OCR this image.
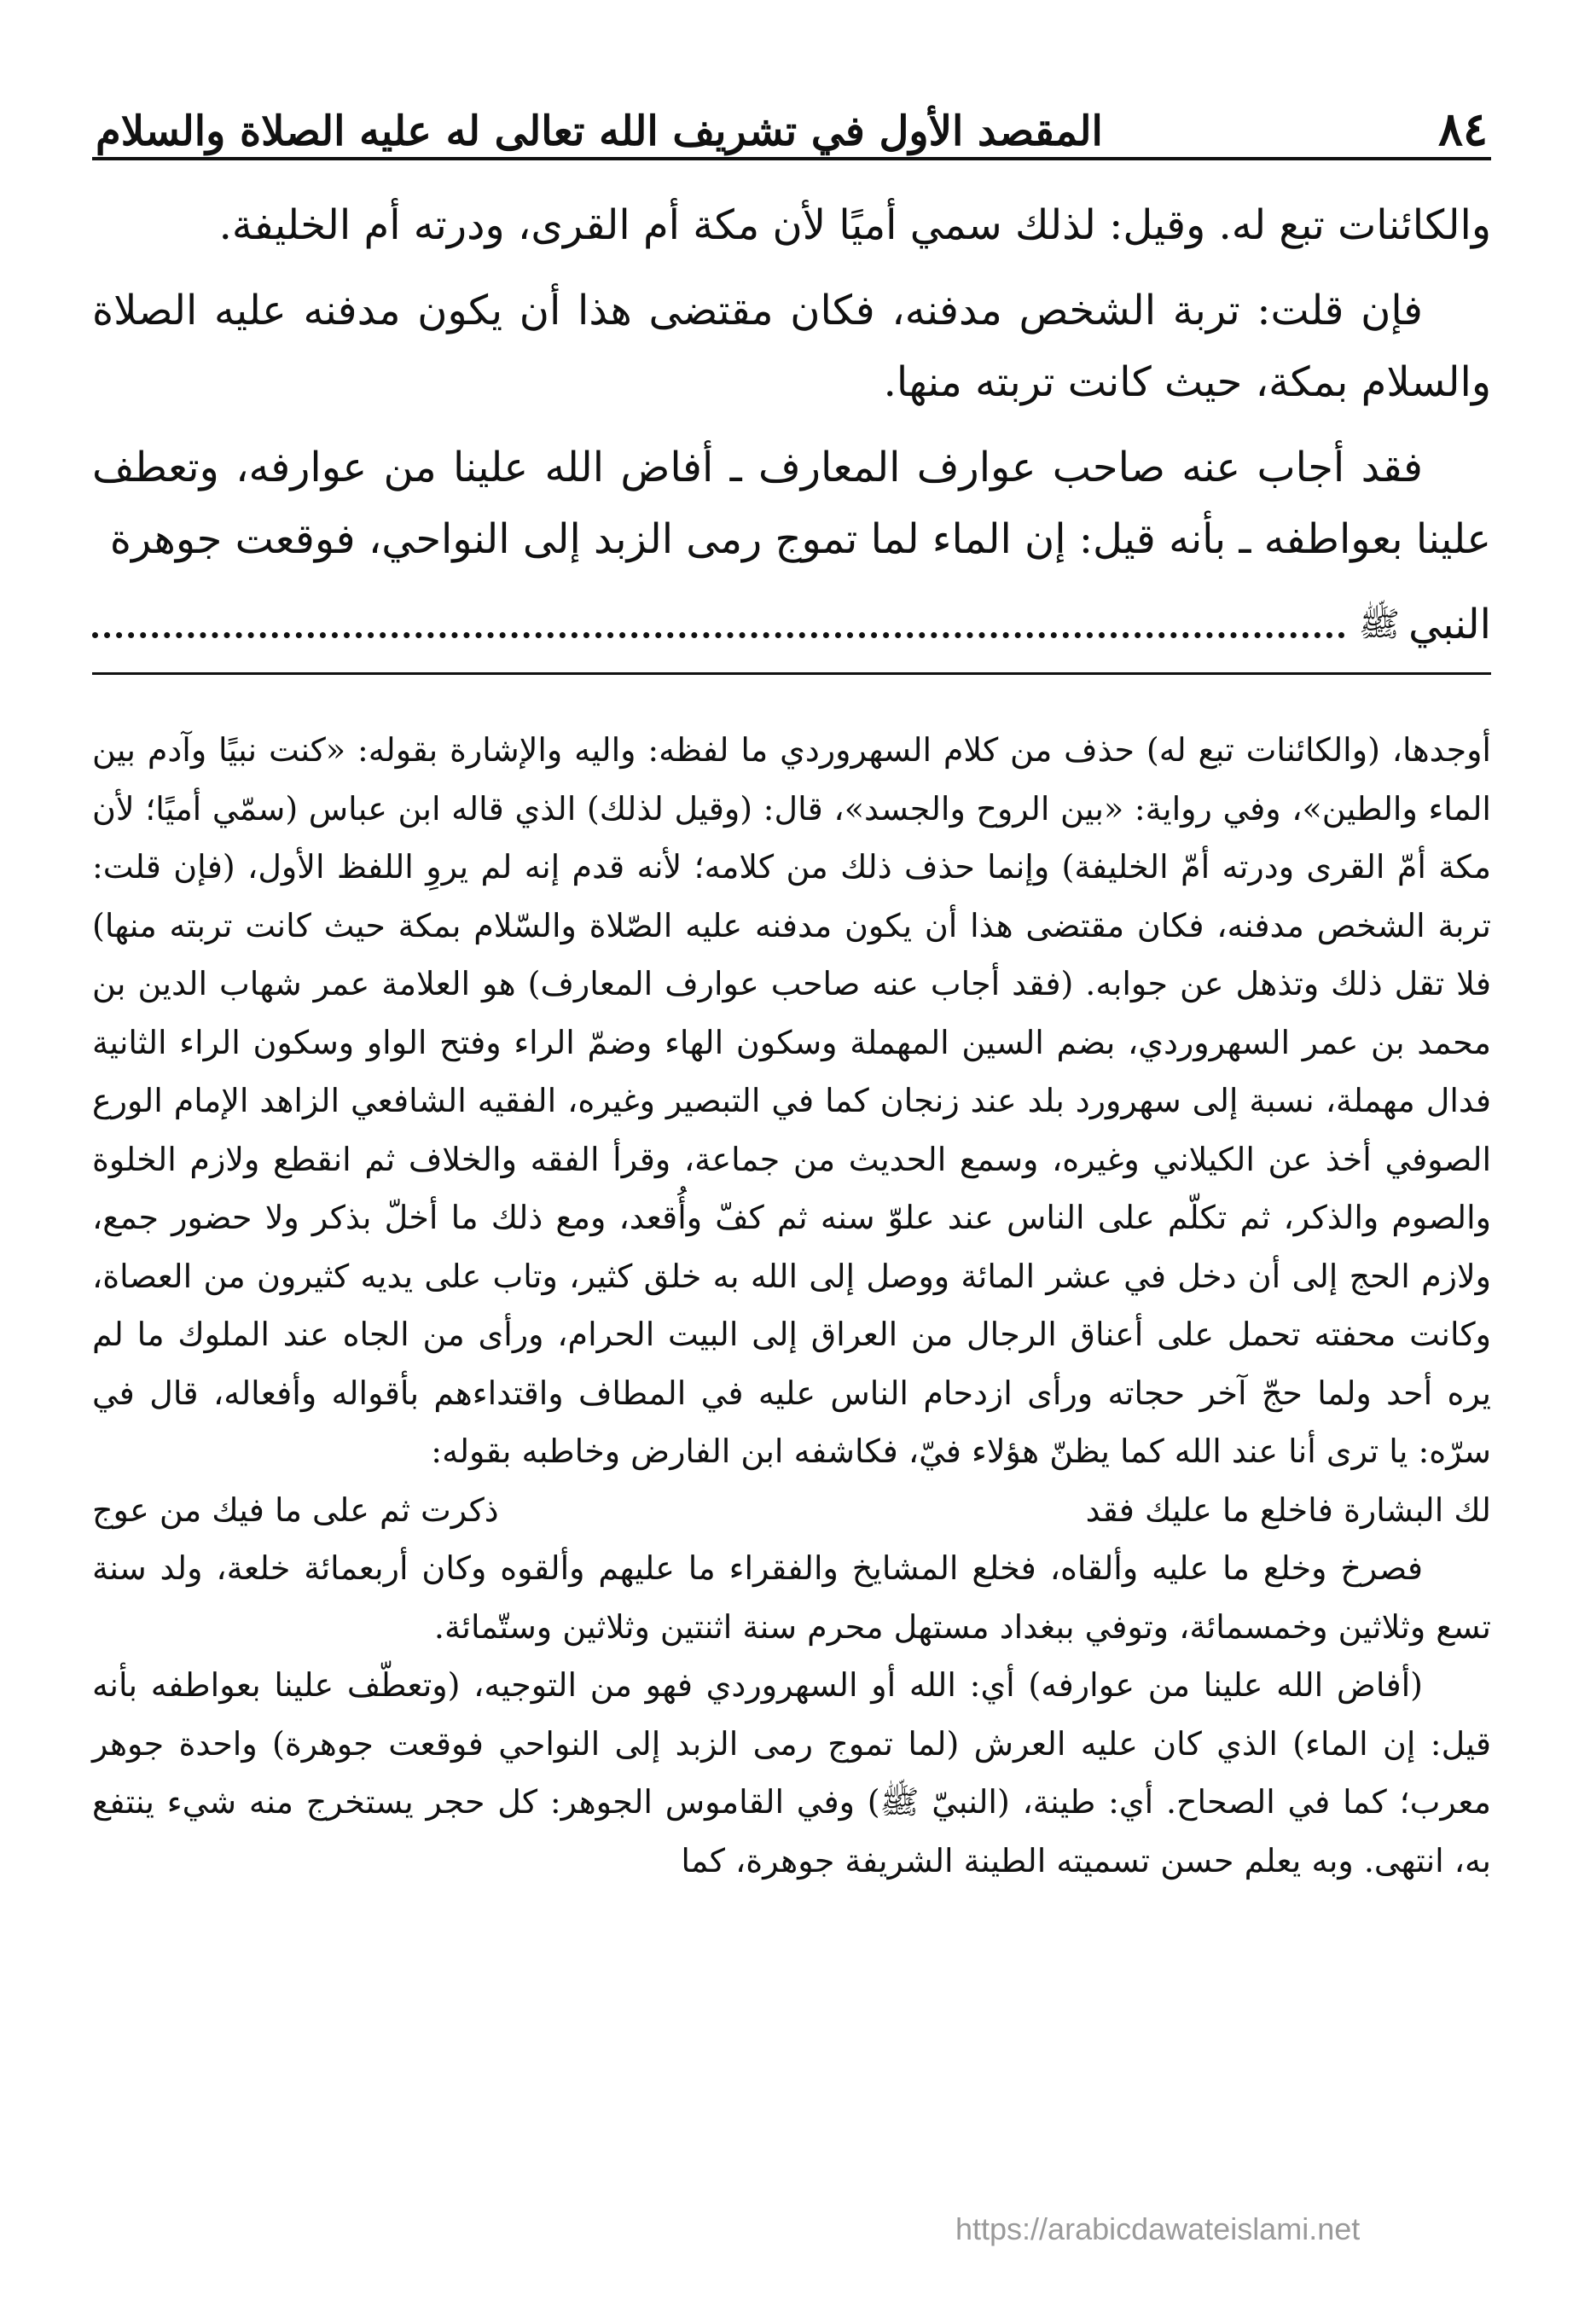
٨٤
المقصد الأول في تشريف الله تعالى له عليه الصلاة والسلام

والكائنات تبع له. وقيل: لذلك سمي أميًا لأن مكة أم القرى، ودرته أم الخليفة.

فإن قلت: تربة الشخص مدفنه، فكان مقتضى هذا أن يكون مدفنه عليه الصلاة والسلام بمكة، حيث كانت تربته منها.

فقد أجاب عنه صاحب عوارف المعارف ـ أفاض الله علينا من عوارفه، وتعطف علينا بعواطفه ـ بأنه قيل: إن الماء لما تموج رمى الزبد إلى النواحي، فوقعت جوهرة

النبي
ﷺ

أوجدها، (والكائنات تبع له) حذف من كلام السهروردي ما لفظه: واليه والإشارة بقوله: «كنت نبيًا وآدم بين الماء والطين»، وفي رواية: «بين الروح والجسد»، قال: (وقيل لذلك) الذي قاله ابن عباس (سمّي أميًا؛ لأن مكة أمّ القرى ودرته أمّ الخليفة) وإنما حذف ذلك من كلامه؛ لأنه قدم إنه لم يروِ اللفظ الأول، (فإن قلت: تربة الشخص مدفنه، فكان مقتضى هذا أن يكون مدفنه عليه الصّلاة والسّلام بمكة حيث كانت تربته منها) فلا تقل ذلك وتذهل عن جوابه. (فقد أجاب عنه صاحب عوارف المعارف) هو العلامة عمر شهاب الدين بن محمد بن عمر السهروردي، بضم السين المهملة وسكون الهاء وضمّ الراء وفتح الواو وسكون الراء الثانية فدال مهملة، نسبة إلى سهرورد بلد عند زنجان كما في التبصير وغيره، الفقيه الشافعي الزاهد الإمام الورع الصوفي أخذ عن الكيلاني وغيره، وسمع الحديث من جماعة، وقرأ الفقه والخلاف ثم انقطع ولازم الخلوة والصوم والذكر، ثم تكلّم على الناس عند علوّ سنه ثم كفّ وأُقعد، ومع ذلك ما أخلّ بذكر ولا حضور جمع، ولازم الحج إلى أن دخل في عشر المائة ووصل إلى الله به خلق كثير، وتاب على يديه كثيرون من العصاة، وكانت محفته تحمل على أعناق الرجال من العراق إلى البيت الحرام، ورأى من الجاه عند الملوك ما لم يره أحد ولما حجّ آخر حجاته ورأى ازدحام الناس عليه في المطاف واقتداءهم بأقواله وأفعاله، قال في سرّه: يا ترى أنا عند الله كما يظنّ هؤلاء فيّ، فكاشفه ابن الفارض وخاطبه بقوله:

لك البشارة فاخلع ما عليك فقد
ذكرت ثم على ما فيك من عوج

فصرخ وخلع ما عليه وألقاه، فخلع المشايخ والفقراء ما عليهم وألقوه وكان أربعمائة خلعة، ولد سنة تسع وثلاثين وخمسمائة، وتوفي ببغداد مستهل محرم سنة اثنتين وثلاثين وستّمائة.

(أفاض الله علينا من عوارفه) أي: الله أو السهروردي فهو من التوجيه، (وتعطّف علينا بعواطفه بأنه قيل: إن الماء) الذي كان عليه العرش (لما تموج رمى الزبد إلى النواحي فوقعت جوهرة) واحدة جوهر معرب؛ كما في الصحاح. أي: طينة، (النبيّ ﷺ) وفي القاموس الجوهر: كل حجر يستخرج منه شيء ينتفع به، انتهى. وبه يعلم حسن تسميته الطينة الشريفة جوهرة، كما

https://arabicdawateislami.net
